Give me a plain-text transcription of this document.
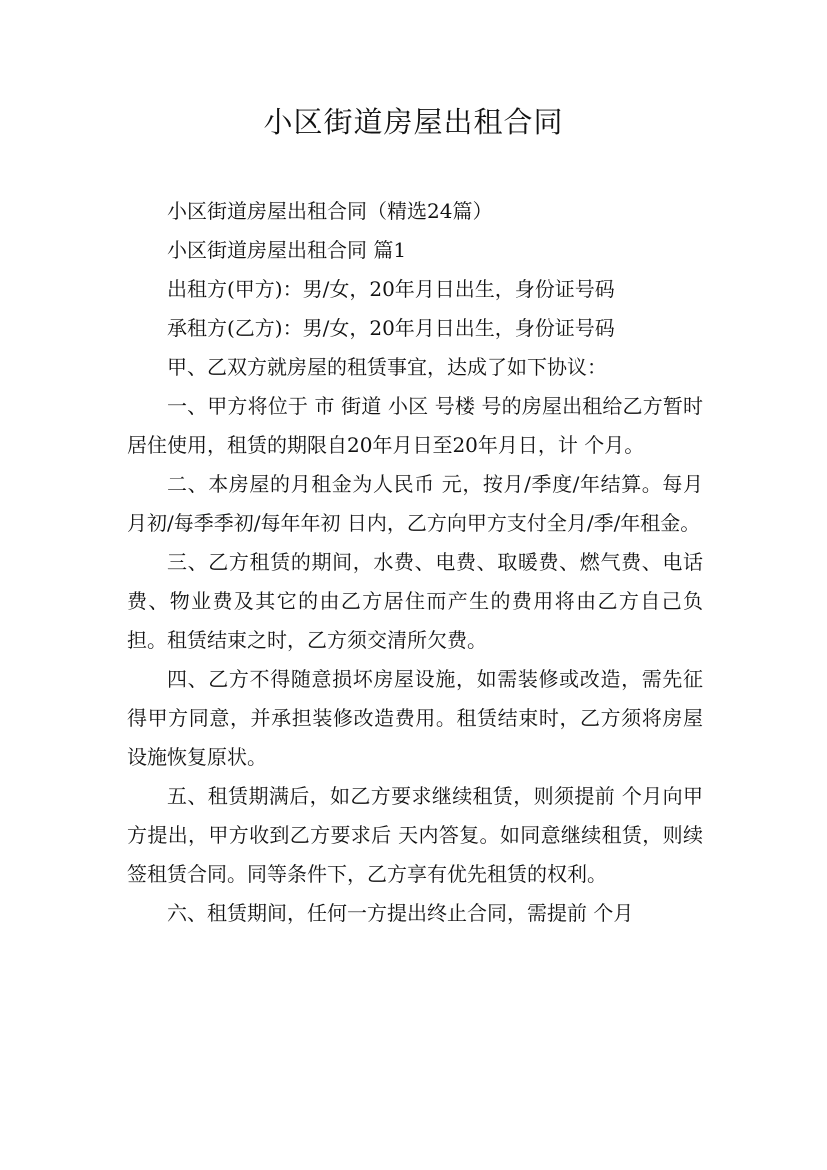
小区街道房屋出租合同

小区街道房屋出租合同（精选24篇）

小区街道房屋出租合同 篇1

出租方(甲方)：男/女，20年月日出生，身份证号码

承租方(乙方)：男/女，20年月日出生，身份证号码

甲、乙双方就房屋的租赁事宜，达成了如下协议：

一、甲方将位于 市 街道 小区 号楼 号的房屋出租给乙方暂时居住使用，租赁的期限自20年月日至20年月日，计 个月。

二、本房屋的月租金为人民币 元，按月/季度/年结算。每月月初/每季季初/每年年初 日内，乙方向甲方支付全月/季/年租金。

三、乙方租赁的期间，水费、电费、取暖费、燃气费、电话费、物业费及其它的由乙方居住而产生的费用将由乙方自己负担。租赁结束之时，乙方须交清所欠费。

四、乙方不得随意损坏房屋设施，如需装修或改造，需先征得甲方同意，并承担装修改造费用。租赁结束时，乙方须将房屋设施恢复原状。

五、租赁期满后，如乙方要求继续租赁，则须提前 个月向甲方提出，甲方收到乙方要求后 天内答复。如同意继续租赁，则续签租赁合同。同等条件下，乙方享有优先租赁的权利。

六、租赁期间，任何一方提出终止合同，需提前 个月
